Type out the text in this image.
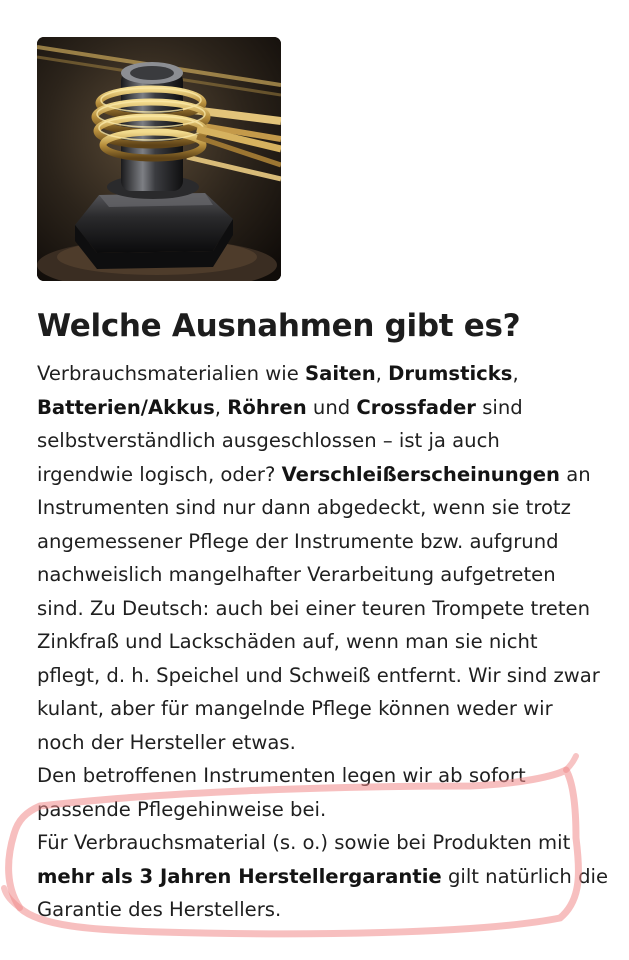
Welche Ausnahmen gibt es?

Verbrauchsmaterialien wie Saiten, Drumsticks,
Batterien/Akkus, Röhren und Crossfader sind
selbstverständlich ausgeschlossen – ist ja auch
irgendwie logisch, oder? Verschleißerscheinungen an
Instrumenten sind nur dann abgedeckt, wenn sie trotz
angemessener Pflege der Instrumente bzw. aufgrund
nachweislich mangelhafter Verarbeitung aufgetreten
sind. Zu Deutsch: auch bei einer teuren Trompete treten
Zinkfraß und Lackschäden auf, wenn man sie nicht
pflegt, d. h. Speichel und Schweiß entfernt. Wir sind zwar
kulant, aber für mangelnde Pflege können weder wir
noch der Hersteller etwas.
Den betroffenen Instrumenten legen wir ab sofort
passende Pflegehinweise bei.
Für Verbrauchsmaterial (s. o.) sowie bei Produkten mit
mehr als 3 Jahren Herstellergarantie gilt natürlich die
Garantie des Herstellers.
